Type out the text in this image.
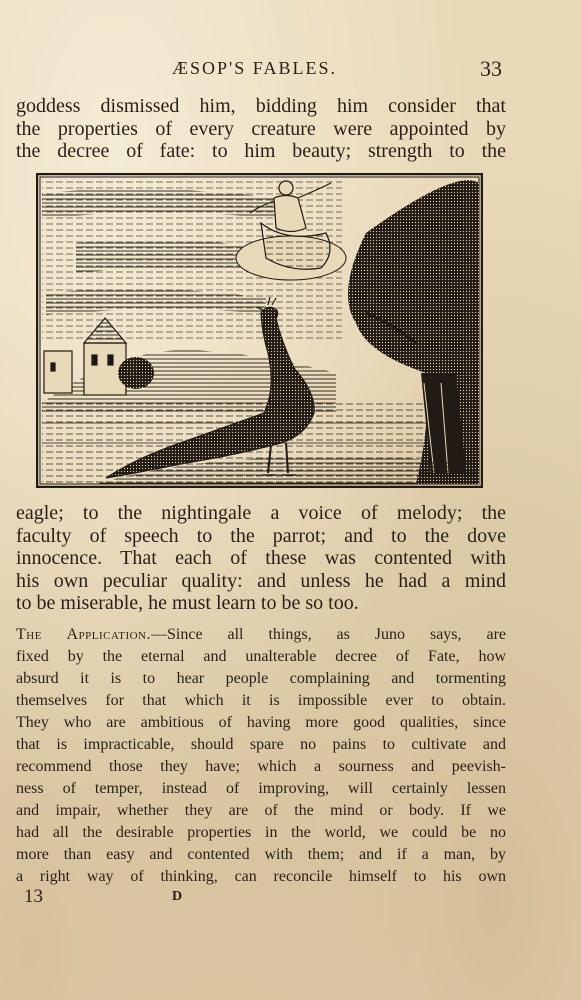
ÆSOP'S FABLES.	33
goddess dismissed him, bidding him consider that
the properties of every creature were appointed by
the decree of fate: to him beauty; strength to the
eagle; to the nightingale a voice of melody; the
faculty of speech to the parrot; and to the dove
innocence. That each of these was contented with
his own peculiar quality: and unless he had a mind
to be miserable, he must learn to be so too.
The Application.—Since all things, as Juno says, are
fixed by the eternal and unalterable decree of Fate, how
absurd it is to hear people complaining and tormenting
themselves for that which it is impossible ever to obtain.
They who are ambitious of having more good qualities, since
that is impracticable, should spare no pains to cultivate and
recommend those they have; which a sourness and peevish-
ness of temper, instead of improving, will certainly lessen
and impair, whether they are of the mind or body. If we
had all the desirable properties in the world, we could be no
more than easy and contented with them; and if a man, by
a right way of thinking, can reconcile himself to his own
13	D
